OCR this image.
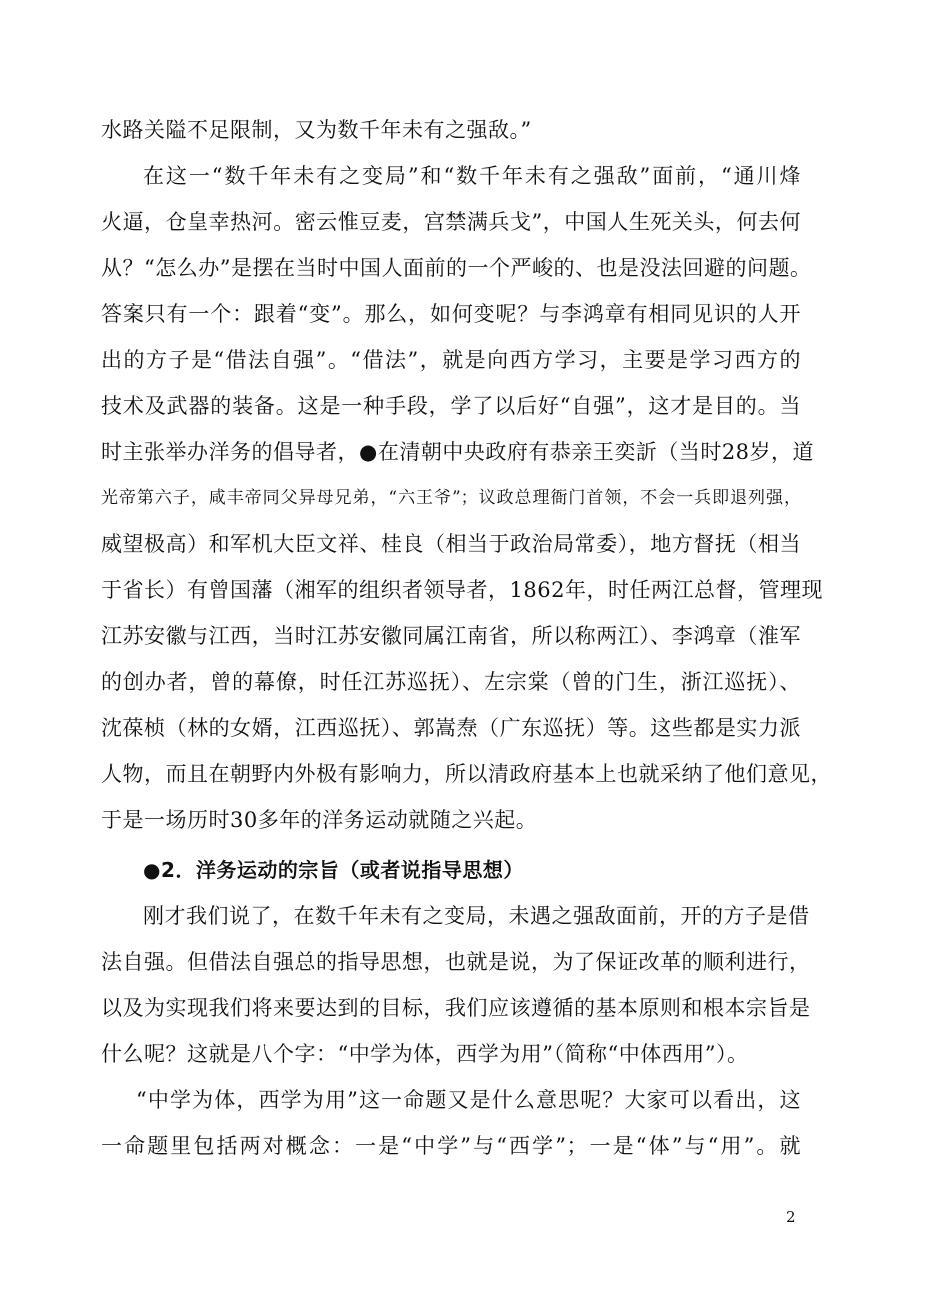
水路关隘不足限制，又为数千年未有之强敌。”
在这一“数千年未有之变局”和“数千年未有之强敌”面前，“通川烽
火逼，仓皇幸热河。密云惟豆麦，宫禁满兵戈”，中国人生死关头，何去何
从？“怎么办”是摆在当时中国人面前的一个严峻的、也是没法回避的问题。
答案只有一个：跟着“变”。那么，如何变呢？与李鸿章有相同见识的人开
出的方子是“借法自强”。“借法”，就是向西方学习，主要是学习西方的
技术及武器的装备。这是一种手段，学了以后好“自强”，这才是目的。当
时主张举办洋务的倡导者，●在清朝中央政府有恭亲王奕訢（当时28岁，道
光帝第六子，咸丰帝同父异母兄弟，“六王爷”；议政总理衙门首领，不会一兵即退列强，
威望极高）和军机大臣文祥、桂良（相当于政治局常委），地方督抚（相当
于省长）有曾国藩（湘军的组织者领导者，1862年，时任两江总督，管理现
江苏安徽与江西，当时江苏安徽同属江南省，所以称两江）、李鸿章（淮军
的创办者，曾的幕僚，时任江苏巡抚）、左宗棠（曾的门生，浙江巡抚）、
沈葆桢（林的女婿，江西巡抚）、郭嵩焘（广东巡抚）等。这些都是实力派
人物，而且在朝野内外极有影响力，所以清政府基本上也就采纳了他们意见，
于是一场历时30多年的洋务运动就随之兴起。
●2．洋务运动的宗旨（或者说指导思想）
刚才我们说了，在数千年未有之变局，未遇之强敌面前，开的方子是借
法自强。但借法自强总的指导思想，也就是说，为了保证改革的顺利进行，
以及为实现我们将来要达到的目标，我们应该遵循的基本原则和根本宗旨是
什么呢？这就是八个字：“中学为体，西学为用”（简称“中体西用”）。
“中学为体，西学为用”这一命题又是什么意思呢？大家可以看出，这
一命题里包括两对概念：一是“中学”与“西学”；一是“体”与“用”。就
2
